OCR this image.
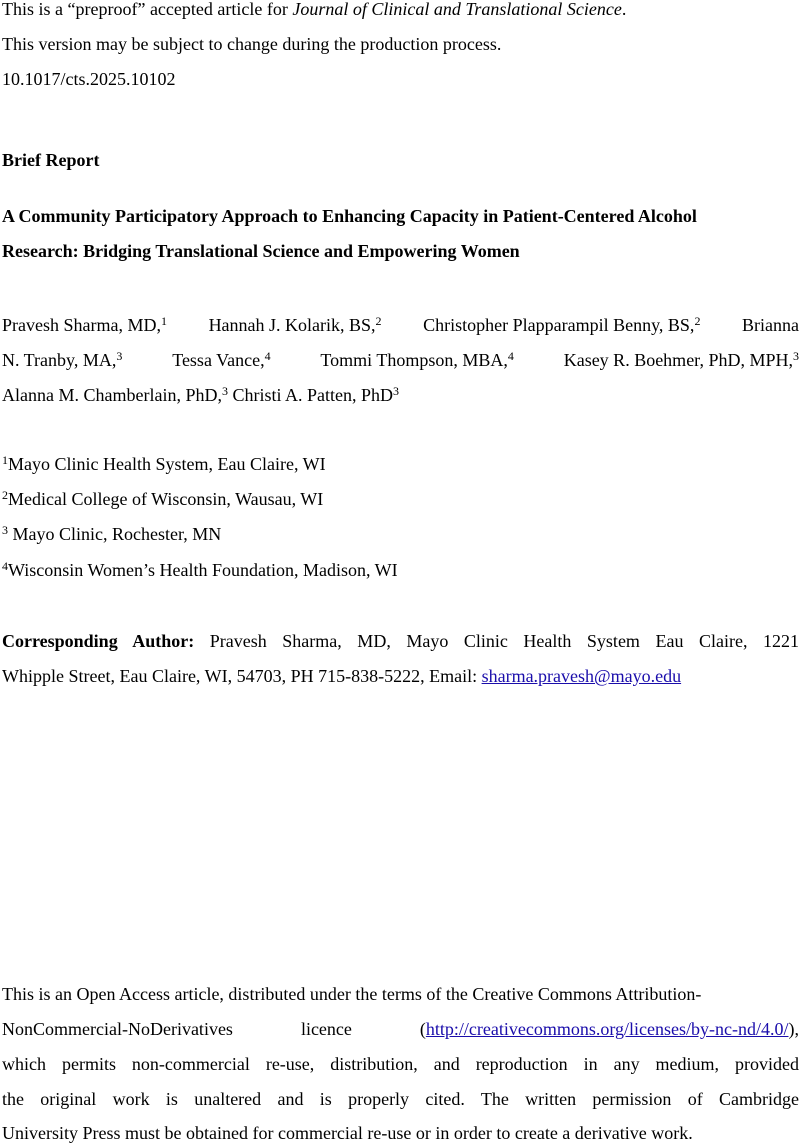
This is a “preproof” accepted article for Journal of Clinical and Translational Science.
This version may be subject to change during the production process.
10.1017/cts.2025.10102
Brief Report
A Community Participatory Approach to Enhancing Capacity in Patient-Centered Alcohol
Research: Bridging Translational Science and Empowering Women
Pravesh Sharma, MD,$^1$ Hannah J. Kolarik, BS,$^2$ Christopher Plapparampil Benny, BS,$^2$ Brianna
N. Tranby, MA,$^3$	Tessa Vance,$^4$	Tommi Thompson, MBA,$^4$	Kasey R. Boehmer, PhD, MPH,$^3$
Alanna M. Chamberlain, PhD,$^3$ Christi A. Patten, PhD$^3$
$^1$Mayo Clinic Health System, Eau Claire, WI
$^2$Medical College of Wisconsin, Wausau, WI
$^3$ Mayo Clinic, Rochester, MN
$^4$Wisconsin Women’s Health Foundation, Madison, WI
Corresponding Author: Pravesh Sharma, MD, Mayo Clinic Health System Eau Claire, 1221
Whipple Street, Eau Claire, WI, 54703, PH 715-838-5222, Email: sharma.pravesh@mayo.edu
This is an Open Access article, distributed under the terms of the Creative Commons Attribution-
NonCommercial-NoDerivatives	licence	(http://creativecommons.org/licenses/by-nc-nd/4.0/),
which permits non-commercial re-use, distribution, and reproduction in any medium, provided
the original work is unaltered and is properly cited. The written permission of Cambridge
University Press must be obtained for commercial re-use or in order to create a derivative work.
